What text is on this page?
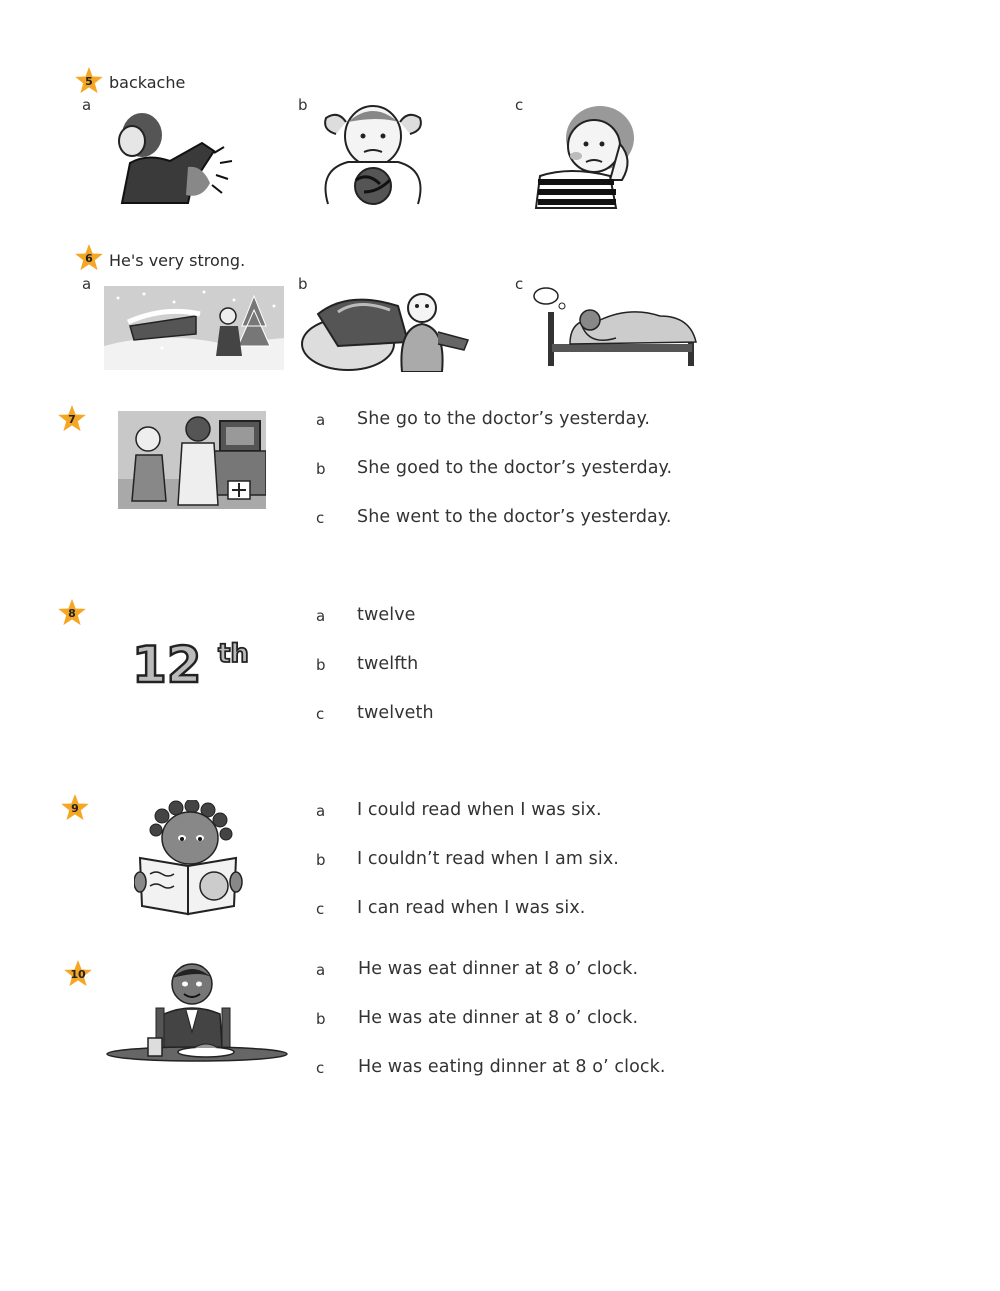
5	backache
a	b	c
6	He's very strong.
a	b	c
7	a She go to the doctor’s yesterday.
b She goed to the doctor’s yesterday.
c She went to the doctor’s yesterday.
8
12 th
a twelve
b twelfth
c twelveth
9	a I could read when I was six.
b I couldn’t read when I am six.
c I can read when I was six.
10	a He was eat dinner at 8 o’ clock.
b He was ate dinner at 8 o’ clock.
c He was eating dinner at 8 o’ clock.
